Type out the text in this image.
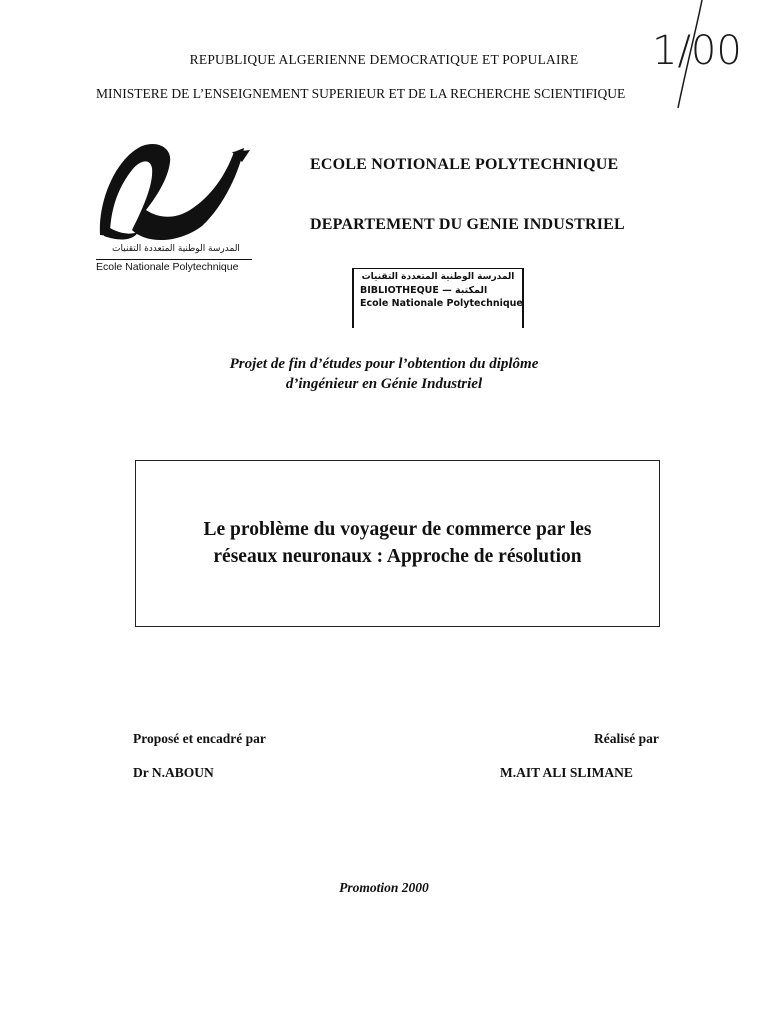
REPUBLIQUE ALGERIENNE DEMOCRATIQUE ET POPULAIRE
MINISTERE DE L’ENSEIGNEMENT SUPERIEUR ET DE LA RECHERCHE SCIENTIFIQUE
1/00
المدرسة الوطنية المتعددة التقنيات
Ecole Nationale Polytechnique
ECOLE NOTIONALE POLYTECHNIQUE
DEPARTEMENT DU GENIE INDUSTRIEL
المدرسة الوطنية المتعددة التقنيات
BIBLIOTHEQUE — المكتبة
Ecole Nationale Polytechnique
Projet de fin d’études pour l’obtention du diplôme
d’ingénieur en Génie Industriel
Le problème du voyageur de commerce par les
réseaux neuronaux : Approche de résolution
Proposé et encadré par
Dr N.ABOUN
Réalisé par
M.AIT ALI SLIMANE
Promotion 2000
